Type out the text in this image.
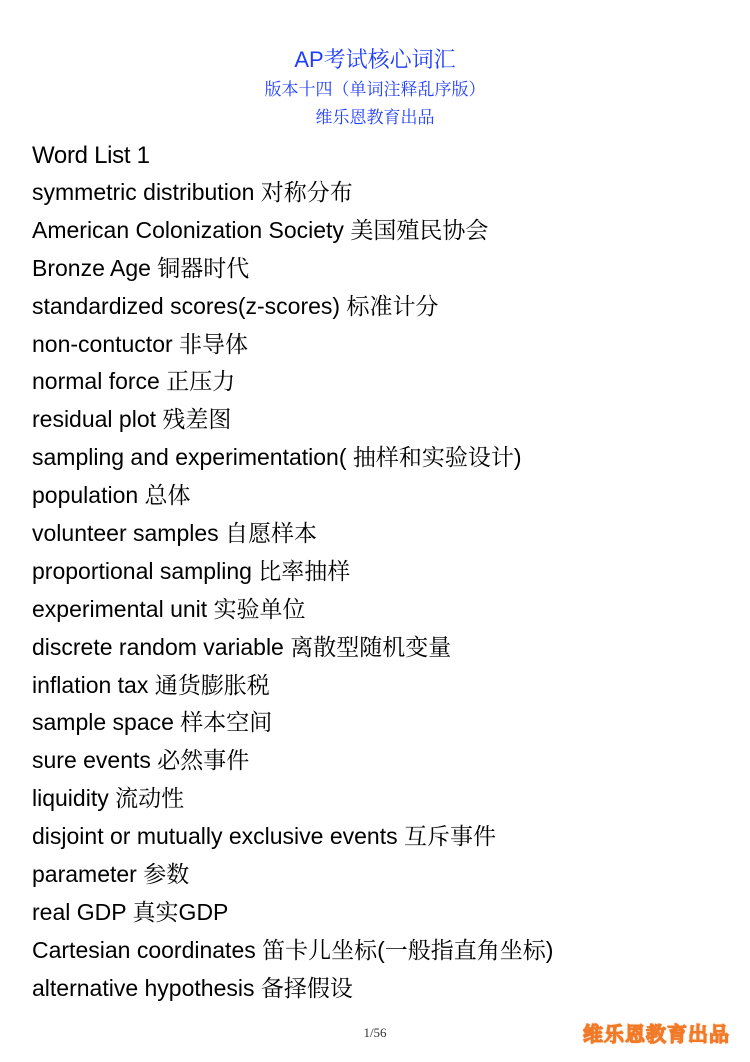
AP考试核心词汇
版本十四（单词注释乱序版）
维乐恩教育出品
Word List 1
symmetric distribution 对称分布
American Colonization Society 美国殖民协会
Bronze Age 铜器时代
standardized scores(z-scores) 标准计分
non-contuctor 非导体
normal force 正压力
residual plot 残差图
sampling and experimentation( 抽样和实验设计)
population 总体
volunteer samples 自愿样本
proportional sampling 比率抽样
experimental unit 实验单位
discrete random variable 离散型随机变量
inflation tax 通货膨胀税
sample space 样本空间
sure events 必然事件
liquidity 流动性
disjoint or mutually exclusive events 互斥事件
parameter 参数
real GDP 真实GDP
Cartesian coordinates 笛卡儿坐标(一般指直角坐标)
alternative hypothesis 备择假设
1/56	维乐恩教育出品
